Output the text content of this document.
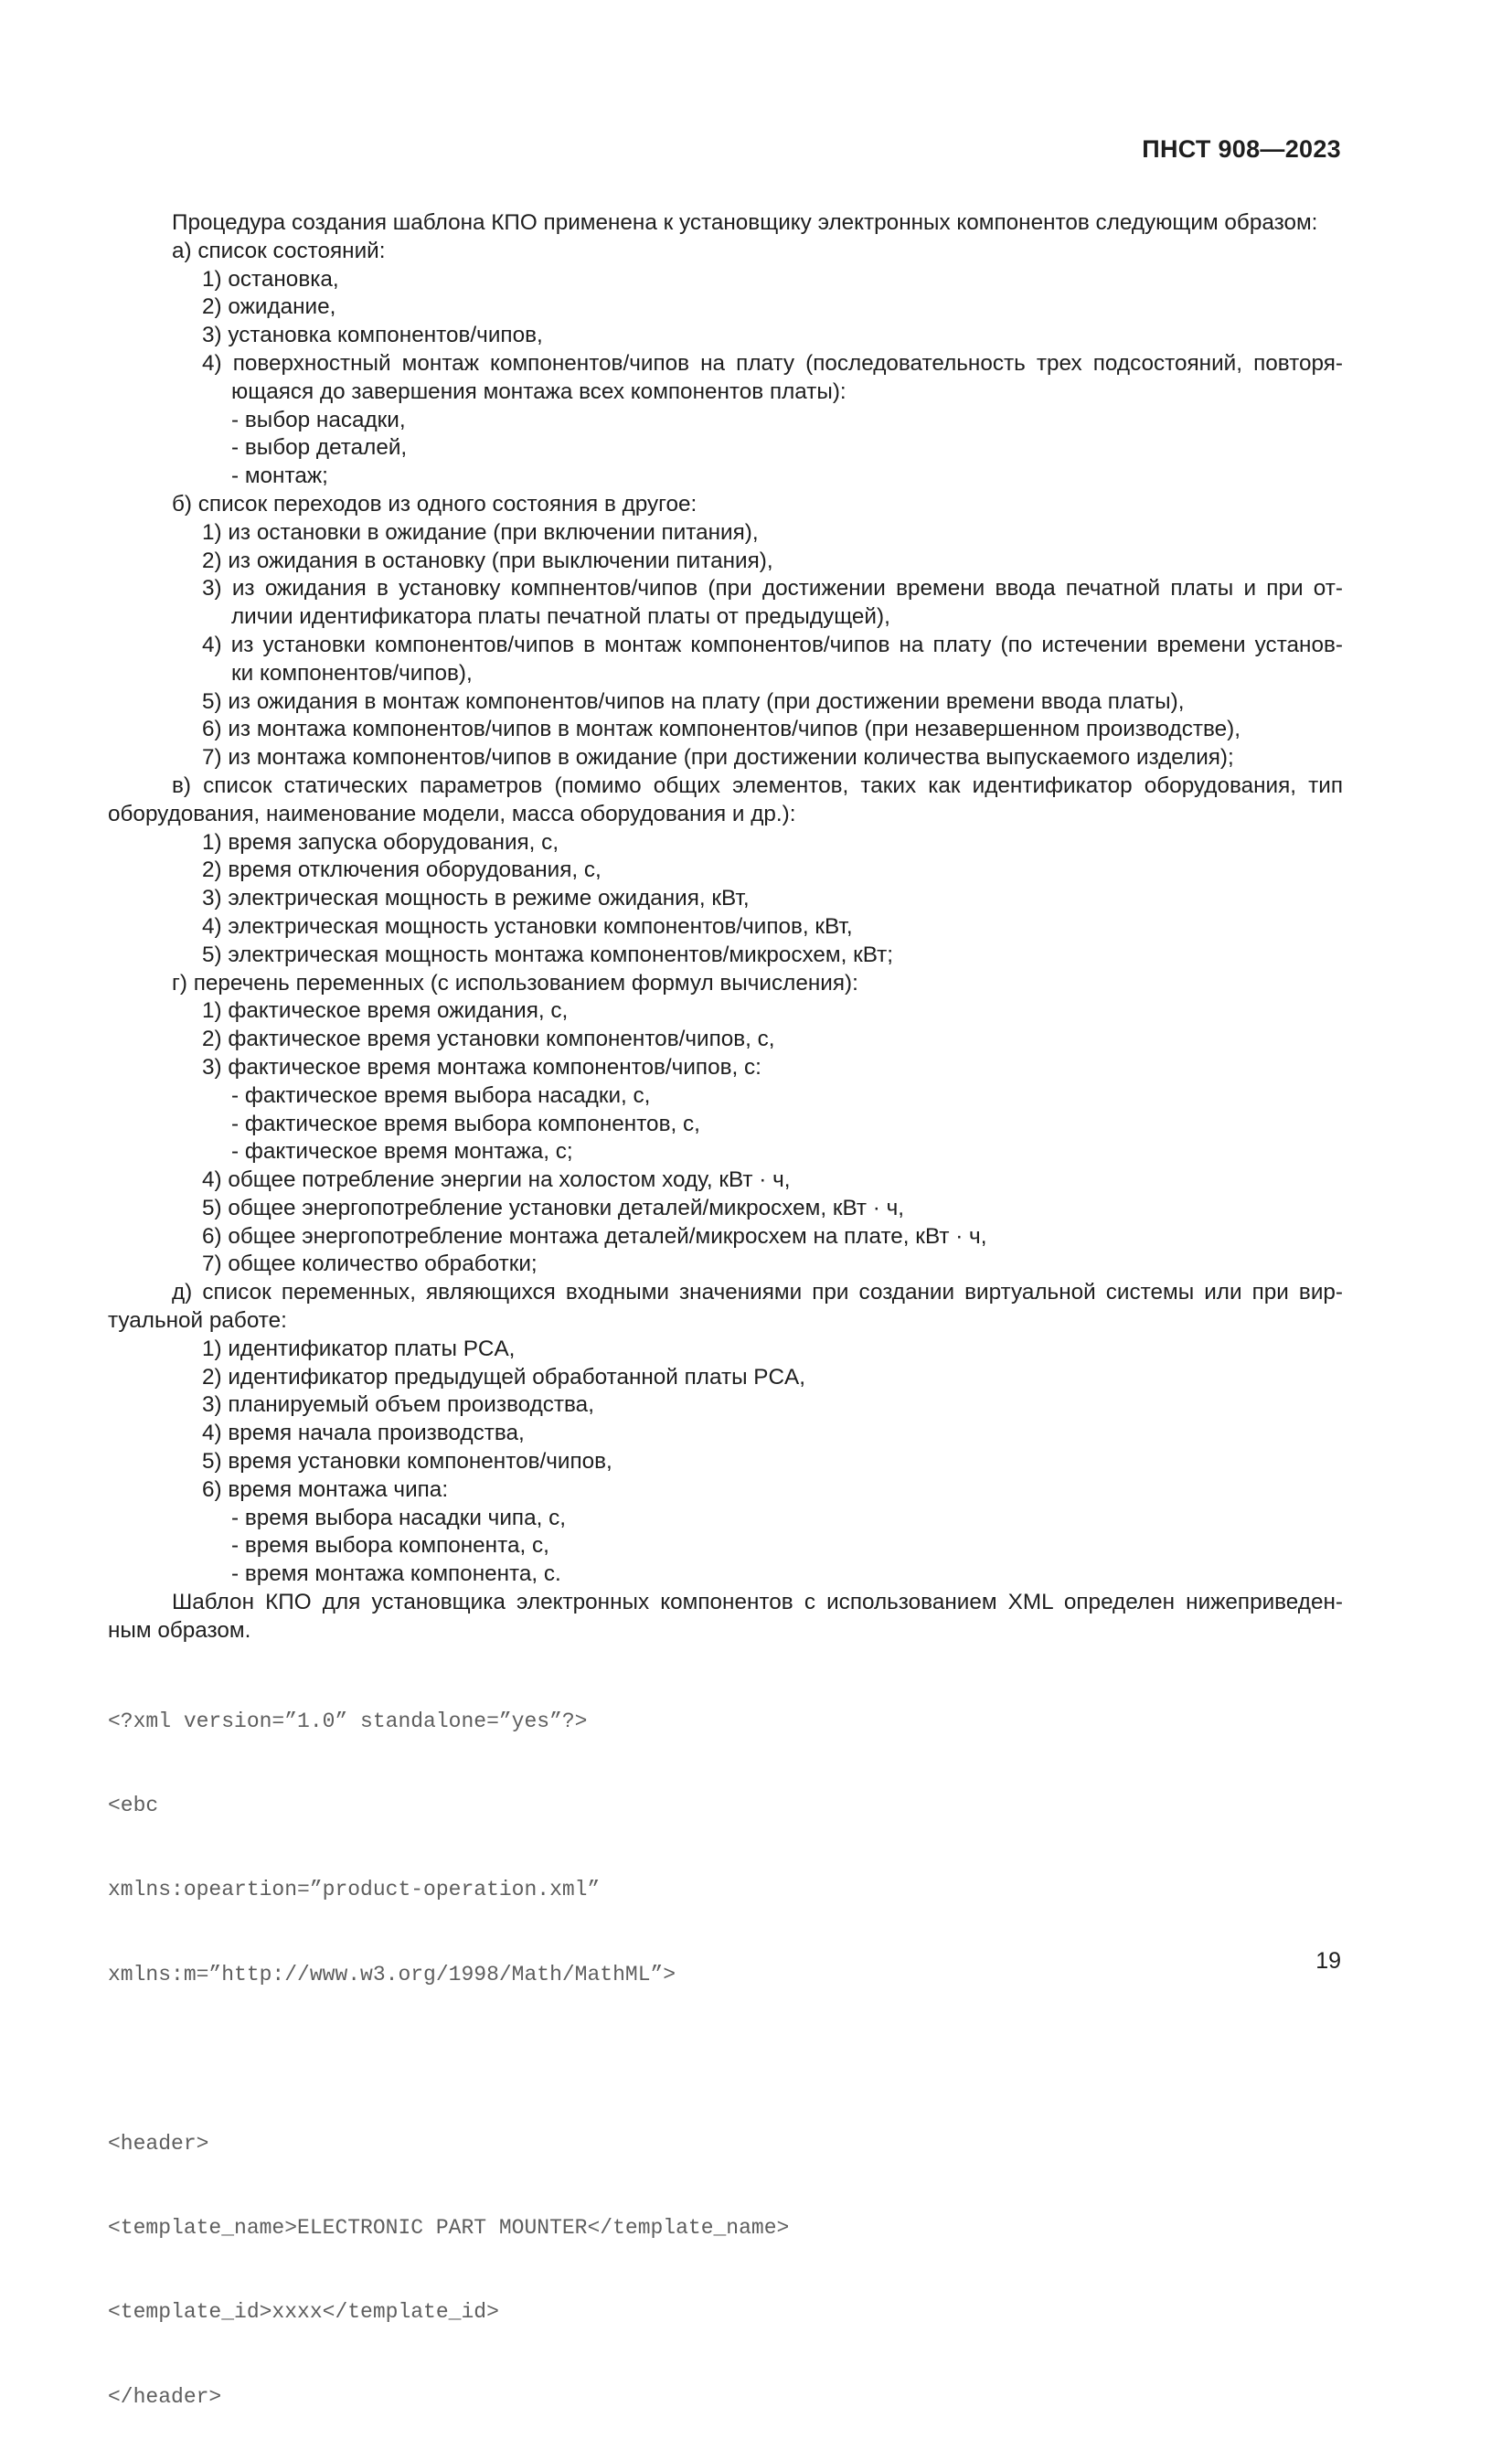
ПНСТ 908—2023
Процедура создания шаблона КПО применена к установщику электронных компонентов следующим образом:
а) список состояний:
1) остановка,
2) ожидание,
3) установка компонентов/чипов,
4) поверхностный монтаж компонентов/чипов на плату (последовательность трех подсостояний, повторя-
ющаяся до завершения монтажа всех компонентов платы):
- выбор насадки,
- выбор деталей,
- монтаж;
б) список переходов из одного состояния в другое:
1) из остановки в ожидание (при включении питания),
2) из ожидания в остановку (при выключении питания),
3) из ожидания в установку компнентов/чипов (при достижении времени ввода печатной платы и при от-
личии идентификатора платы печатной платы от предыдущей),
4) из установки компонентов/чипов в монтаж компонентов/чипов на плату (по истечении времени установ-
ки компонентов/чипов),
5) из ожидания в монтаж компонентов/чипов на плату (при достижении времени ввода платы),
6) из монтажа компонентов/чипов в монтаж компонентов/чипов (при незавершенном производстве),
7) из монтажа компонентов/чипов в ожидание (при достижении количества выпускаемого изделия);
в) список статических параметров (помимо общих элементов, таких как идентификатор оборудования, тип
оборудования, наименование модели, масса оборудования и др.):
1) время запуска оборудования, с,
2) время отключения оборудования, с,
3) электрическая мощность в режиме ожидания, кВт,
4) электрическая мощность установки компонентов/чипов, кВт,
5) электрическая мощность монтажа компонентов/микросхем, кВт;
г) перечень переменных (с использованием формул вычисления):
1) фактическое время ожидания, с,
2) фактическое время установки компонентов/чипов, с,
3) фактическое время монтажа компонентов/чипов, с:
- фактическое время выбора насадки, с,
- фактическое время выбора компонентов, с,
- фактическое время монтажа, с;
4) общее потребление энергии на холостом ходу, кВт · ч,
5) общее энергопотребление установки деталей/микросхем, кВт · ч,
6) общее энергопотребление монтажа деталей/микросхем на плате, кВт · ч,
7) общее количество обработки;
д) список переменных, являющихся входными значениями при создании виртуальной системы или при вир-
туальной работе:
1) идентификатор платы PCA,
2) идентификатор предыдущей обработанной платы PCA,
3) планируемый объем производства,
4) время начала производства,
5) время установки компонентов/чипов,
6) время монтажа чипа:
- время выбора насадки чипа, с,
- время выбора компонента, с,
- время монтажа компонента, с.
Шаблон КПО для установщика электронных компонентов с использованием XML определен нижеприведен-
ным образом.

<?xml version=”1.0” standalone=”yes”?>

<ebc

xmlns:opeartion=”product-operation.xml”

xmlns:m=”http://www.w3.org/1998/Math/MathML”>

<header>

<template_name>ELECTRONIC PART MOUNTER</template_name>

<template_id>xxxx</template_id>

</header>

19
